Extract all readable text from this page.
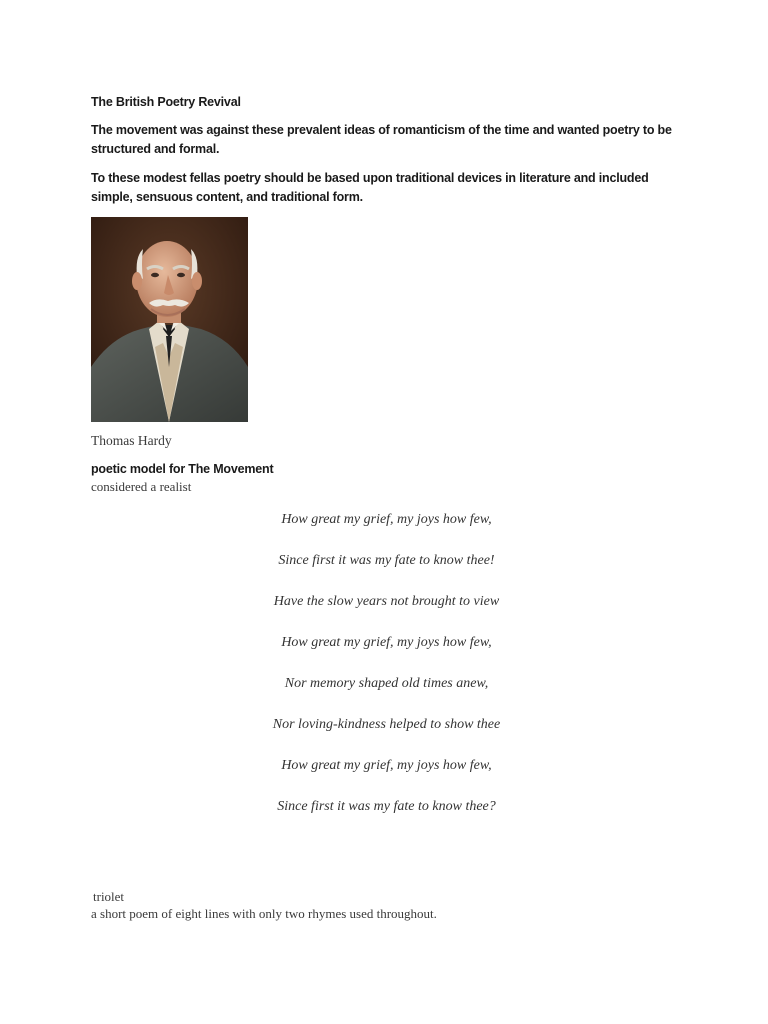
The British Poetry Revival
The movement was against these prevalent ideas of romanticism of the time and wanted poetry to be structured and formal.
To these modest fellas poetry should be based upon traditional devices in literature and included simple, sensuous content, and traditional form.
Thomas Hardy
poetic model for The Movement
considered a realist
How great my grief, my joys how few,
Since first it was my fate to know thee!
Have the slow years not brought to view
How great my grief, my joys how few,
Nor memory shaped old times anew,
Nor loving-kindness helped to show thee
How great my grief, my joys how few,
Since first it was my fate to know thee?
triolet
a short poem of eight lines with only two rhymes used throughout.
